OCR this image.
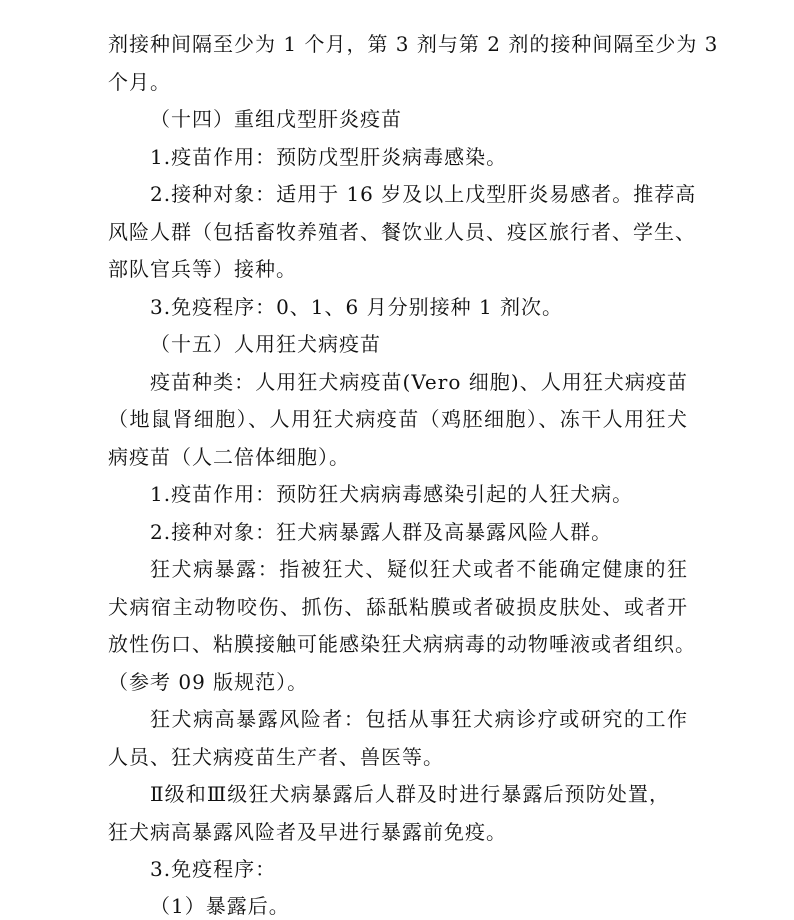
剂接种间隔至少为 1 个月，第 3 剂与第 2 剂的接种间隔至少为 3
个月。
（十四）重组戊型肝炎疫苗
1.疫苗作用：预防戊型肝炎病毒感染。
2.接种对象：适用于 16 岁及以上戊型肝炎易感者。推荐高
风险人群（包括畜牧养殖者、餐饮业人员、疫区旅行者、学生、
部队官兵等）接种。
3.免疫程序：0、1、6 月分别接种 1 剂次。
（十五）人用狂犬病疫苗
疫苗种类：人用狂犬病疫苗(Vero 细胞)、人用狂犬病疫苗
（地鼠肾细胞）、人用狂犬病疫苗（鸡胚细胞）、冻干人用狂犬
病疫苗（人二倍体细胞）。
1.疫苗作用：预防狂犬病病毒感染引起的人狂犬病。
2.接种对象：狂犬病暴露人群及高暴露风险人群。
狂犬病暴露：指被狂犬、疑似狂犬或者不能确定健康的狂
犬病宿主动物咬伤、抓伤、舔舐粘膜或者破损皮肤处、或者开
放性伤口、粘膜接触可能感染狂犬病病毒的动物唾液或者组织。
（参考 09 版规范）。
狂犬病高暴露风险者：包括从事狂犬病诊疗或研究的工作
人员、狂犬病疫苗生产者、兽医等。
Ⅱ级和Ⅲ级狂犬病暴露后人群及时进行暴露后预防处置，
狂犬病高暴露风险者及早进行暴露前免疫。
3.免疫程序：
（1）暴露后。
